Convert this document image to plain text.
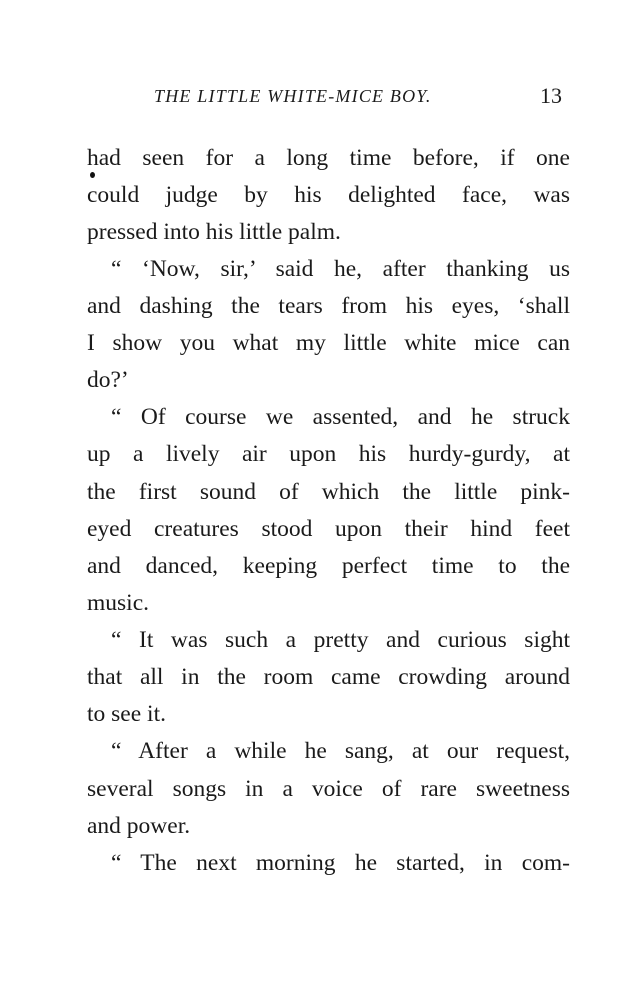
THE LITTLE WHITE-MICE BOY.	13
had seen for a long time before, if one
could judge by his delighted face, was
pressed into his little palm.
“ ‘Now, sir,’ said he, after thanking us
and dashing the tears from his eyes, ‘shall
I show you what my little white mice can
do?’
“ Of course we assented, and he struck
up a lively air upon his hurdy-gurdy, at
the first sound of which the little pink-
eyed creatures stood upon their hind feet
and danced, keeping perfect time to the
music.
“ It was such a pretty and curious sight
that all in the room came crowding around
to see it.
“ After a while he sang, at our request,
several songs in a voice of rare sweetness
and power.
“ The next morning he started, in com-
